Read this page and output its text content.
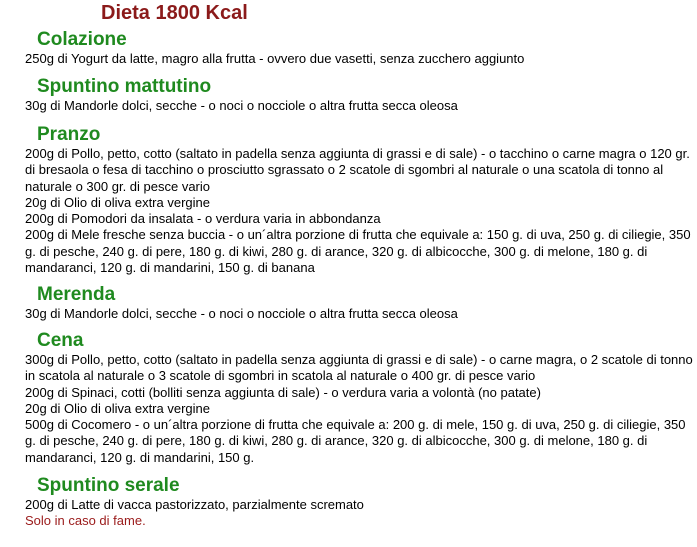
Dieta 1800 Kcal
Colazione

250g di Yogurt da latte, magro alla frutta - ovvero due vasetti, senza zucchero aggiunto

Spuntino mattutino

30g di Mandorle dolci, secche - o noci o nocciole o altra frutta secca oleosa

Pranzo

200g di Pollo, petto, cotto (saltato in padella senza aggiunta di grassi e di sale) - o tacchino o carne magra o 120 gr. di bresaola o fesa di tacchino o prosciutto sgrassato o 2 scatole di sgombri al naturale o una scatola di tonno al naturale o 300 gr. di pesce vario

20g di Olio di oliva extra vergine

200g di Pomodori da insalata - o verdura varia in abbondanza

200g di Mele fresche senza buccia - o un´altra porzione di frutta che equivale a: 150 g. di uva, 250 g. di ciliegie, 350 g. di pesche, 240 g. di pere, 180 g. di kiwi, 280 g. di arance, 320 g. di albicocche, 300 g. di melone, 180 g. di mandaranci, 120 g. di mandarini, 150 g. di banana

Merenda

30g di Mandorle dolci, secche - o noci o nocciole o altra frutta secca oleosa

Cena

300g di Pollo, petto, cotto (saltato in padella senza aggiunta di grassi e di sale) - o carne magra, o 2 scatole di tonno in scatola al naturale o 3 scatole di sgombri in scatola al naturale o 400 gr. di pesce vario

200g di Spinaci, cotti (bolliti senza aggiunta di sale) - o verdura varia a volontà (no patate)

20g di Olio di oliva extra vergine

500g di Cocomero - o un´altra porzione di frutta che equivale a: 200 g. di mele, 150 g. di uva, 250 g. di ciliegie, 350 g. di pesche, 240 g. di pere, 180 g. di kiwi, 280 g. di arance, 320 g. di albicocche, 300 g. di melone, 180 g. di mandaranci, 120 g. di mandarini, 150 g.

Spuntino serale

200g di Latte di vacca pastorizzato, parzialmente scremato

Solo in caso di fame.
